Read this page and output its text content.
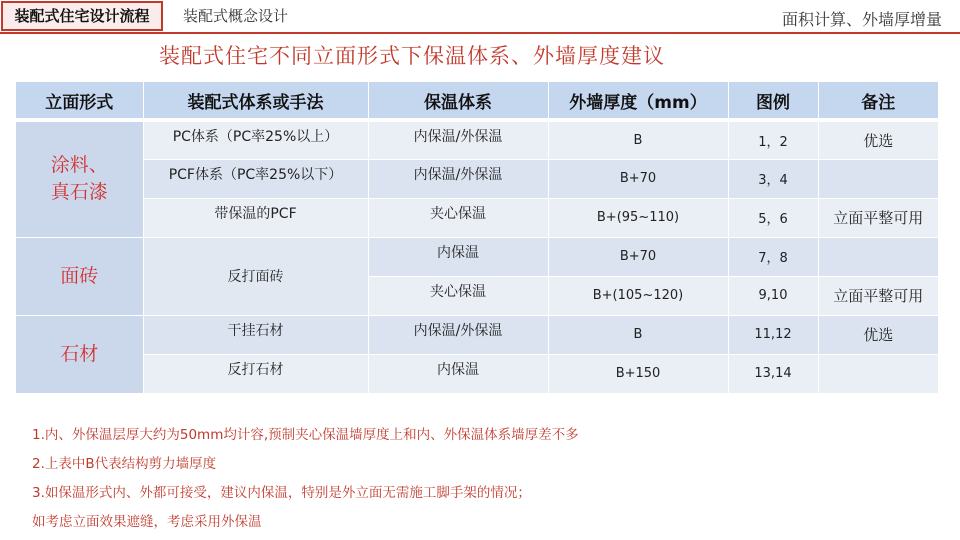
装配式住宅设计流程	装配式概念设计	面积计算、外墙厚增量
装配式住宅不同立面形式下保温体系、外墙厚度建议
立面形式	装配式体系或手法	保温体系	外墙厚度（mm）	图例	备注
涂料、
真石漆	PC体系（PC率25%以上）	内保温/外保温	B	1，2	优选
	PCF体系（PC率25%以下）	内保温/外保温	B+70	3，4	
	带保温的PCF	夹心保温	B+(95~110)	5，6	立面平整可用
面砖	反打面砖	内保温	B+70	7，8	
		夹心保温	B+(105~120)	9,10	立面平整可用
石材	干挂石材	内保温/外保温	B	11,12	优选
	反打石材	内保温	B+150	13,14	
1.内、外保温层厚大约为50mm均计容,预制夹心保温墙厚度上和内、外保温体系墙厚差不多
2.上表中B代表结构剪力墙厚度
3.如保温形式内、外都可接受，建议内保温，特别是外立面无需施工脚手架的情况；
如考虑立面效果遮缝，考虑采用外保温
